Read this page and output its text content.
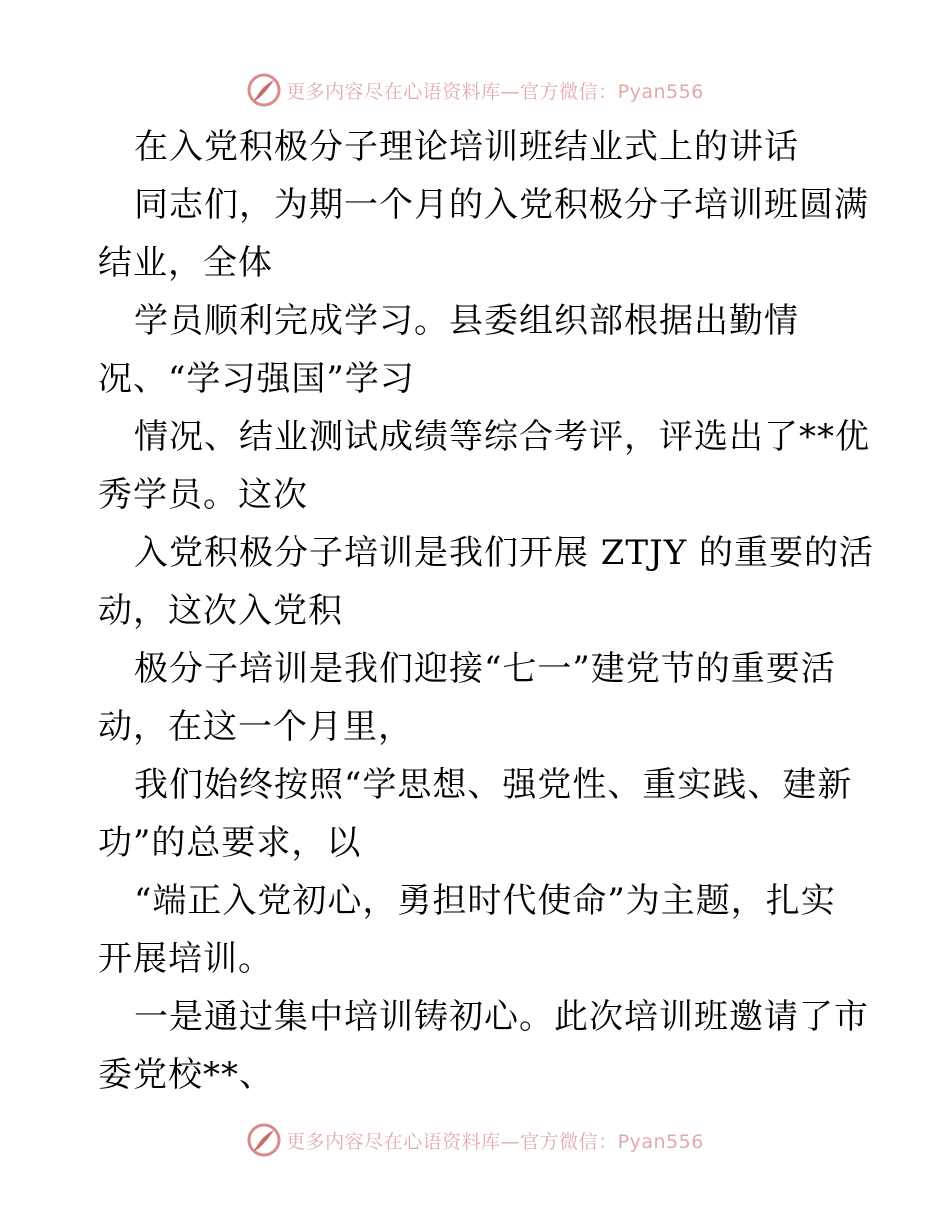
更多内容尽在心语资料库—官方微信：Pyan556
在入党积极分子理论培训班结业式上的讲话
同志们，为期一个月的入党积极分子培训班圆满
结业，全体
学员顺利完成学习。县委组织部根据出勤情
况、“学习强国”学习
情况、结业测试成绩等综合考评，评选出了**优
秀学员。这次
入党积极分子培训是我们开展 ZTJY 的重要的活
动，这次入党积
极分子培训是我们迎接“七一”建党节的重要活
动，在这一个月里，
我们始终按照“学思想、强党性、重实践、建新
功”的总要求，以
“端正入党初心，勇担时代使命”为主题，扎实
开展培训。
一是通过集中培训铸初心。此次培训班邀请了市
委党校**、
更多内容尽在心语资料库—官方微信：Pyan556
